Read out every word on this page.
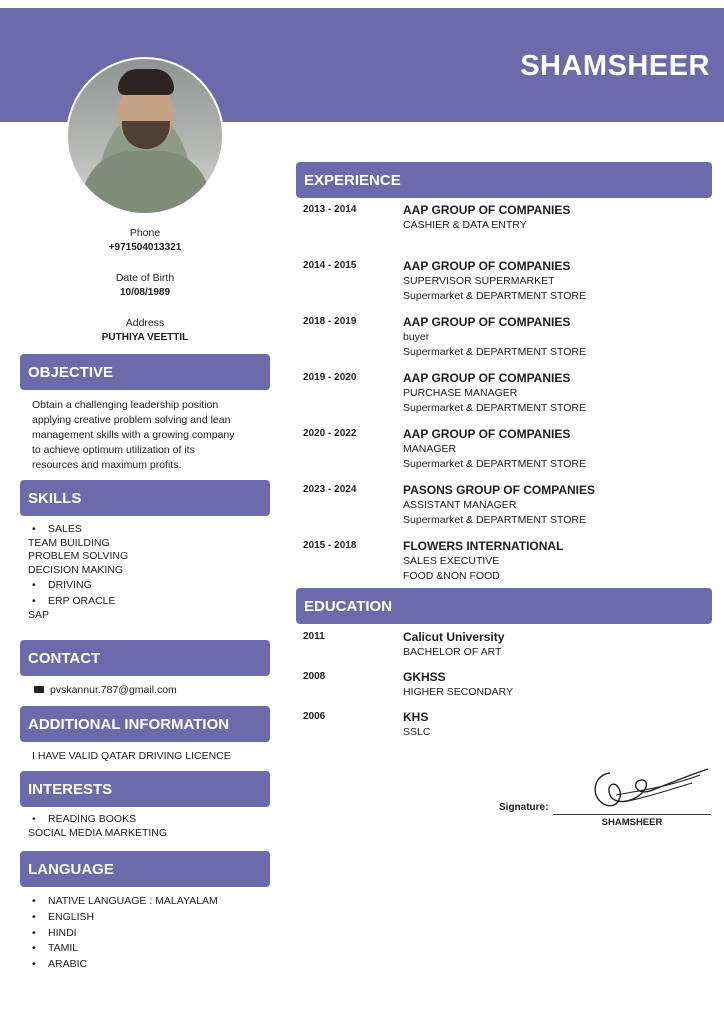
SHAMSHEER
Phone
+971504013321
Date of Birth
10/08/1989
Address
PUTHIYA VEETTIL
OBJECTIVE
Obtain a challenging leadership position
applying creative problem solving and lean
management skills with a growing company
to achieve optimum utilization of its
resources and maximum profits.
SKILLS
• SALES
TEAM BUILDING
PROBLEM SOLVING
DECISION MAKING
• DRIVING
• ERP ORACLE
SAP
CONTACT
pvskannur.787@gmail.com
ADDITIONAL INFORMATION
I HAVE VALID QATAR DRIVING LICENCE
INTERESTS
• READING BOOKS
SOCIAL MEDIA MARKETING
LANGUAGE
• NATIVE LANGUAGE : MALAYALAM
• ENGLISH
• HINDI
• TAMIL
• ARABIC
EXPERIENCE
2013 - 2014	AAP GROUP OF COMPANIES
CASHIER & DATA ENTRY
2014 - 2015	AAP GROUP OF COMPANIES
SUPERVISOR SUPERMARKET
Supermarket & DEPARTMENT STORE
2018 - 2019	AAP GROUP OF COMPANIES
buyer
Supermarket & DEPARTMENT STORE
2019 - 2020	AAP GROUP OF COMPANIES
PURCHASE MANAGER
Supermarket & DEPARTMENT STORE
2020 - 2022	AAP GROUP OF COMPANIES
MANAGER
Supermarket & DEPARTMENT STORE
2023 - 2024	PASONS GROUP OF COMPANIES
ASSISTANT MANAGER
Supermarket & DEPARTMENT STORE
2015 - 2018	FLOWERS INTERNATIONAL
SALES EXECUTIVE
FOOD &NON FOOD
EDUCATION
2011	Calicut University
BACHELOR OF ART
2008	GKHSS
HIGHER SECONDARY
2006	KHS
SSLC
Signature:
SHAMSHEER
